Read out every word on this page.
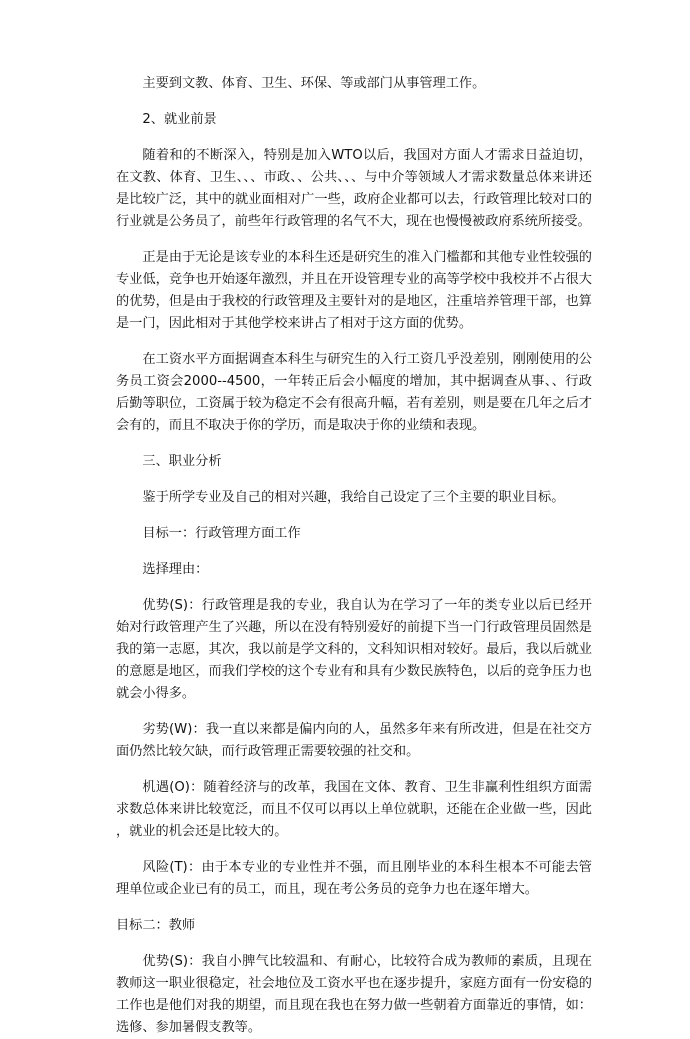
主要到文教、体育、卫生、环保、等或部门从事管理工作。

2、就业前景

随着和的不断深入，特别是加入WTO以后，我国对方面人才需求日益迫切，在文教、体育、卫生、、、市政、、公共、、、与中介等领域人才需求数量总体来讲还是比较广泛，其中的就业面相对广一些，政府企业都可以去，行政管理比较对口的行业就是公务员了，前些年行政管理的名气不大，现在也慢慢被政府系统所接受。

正是由于无论是该专业的本科生还是研究生的准入门槛都和其他专业性较强的专业低，竞争也开始逐年激烈，并且在开设管理专业的高等学校中我校并不占很大的优势，但是由于我校的行政管理及主要针对的是地区，注重培养管理干部，也算是一门，因此相对于其他学校来讲占了相对于这方面的优势。

在工资水平方面据调查本科生与研究生的入行工资几乎没差别，刚刚使用的公务员工资会2000--4500，一年转正后会小幅度的增加，其中据调查从事、、行政后勤等职位，工资属于较为稳定不会有很高升幅，若有差别，则是要在几年之后才会有的，而且不取决于你的学历，而是取决于你的业绩和表现。

三、职业分析

鉴于所学专业及自己的相对兴趣，我给自己设定了三个主要的职业目标。

目标一：行政管理方面工作

选择理由：

优势(S)：行政管理是我的专业，我自认为在学习了一年的类专业以后已经开始对行政管理产生了兴趣，所以在没有特别爱好的前提下当一门行政管理员固然是我的第一志愿，其次，我以前是学文科的，文科知识相对较好。最后，我以后就业的意愿是地区，而我们学校的这个专业有和具有少数民族特色，以后的竞争压力也就会小得多。

劣势(W)：我一直以来都是偏内向的人，虽然多年来有所改进，但是在社交方面仍然比较欠缺，而行政管理正需要较强的社交和。

机遇(O)：随着经济与的改革，我国在文体、教育、卫生非赢利性组织方面需求数总体来讲比较宽泛，而且不仅可以再以上单位就职，还能在企业做一些，因此，就业的机会还是比较大的。

风险(T)：由于本专业的专业性并不强，而且刚毕业的本科生根本不可能去管理单位或企业已有的员工，而且，现在考公务员的竞争力也在逐年增大。

目标二：教师

优势(S)：我自小脾气比较温和、有耐心，比较符合成为教师的素质，且现在教师这一职业很稳定，社会地位及工资水平也在逐步提升，家庭方面有一份安稳的工作也是他们对我的期望，而且现在我也在努力做一些朝着方面靠近的事情，如：选修、参加暑假支教等。
